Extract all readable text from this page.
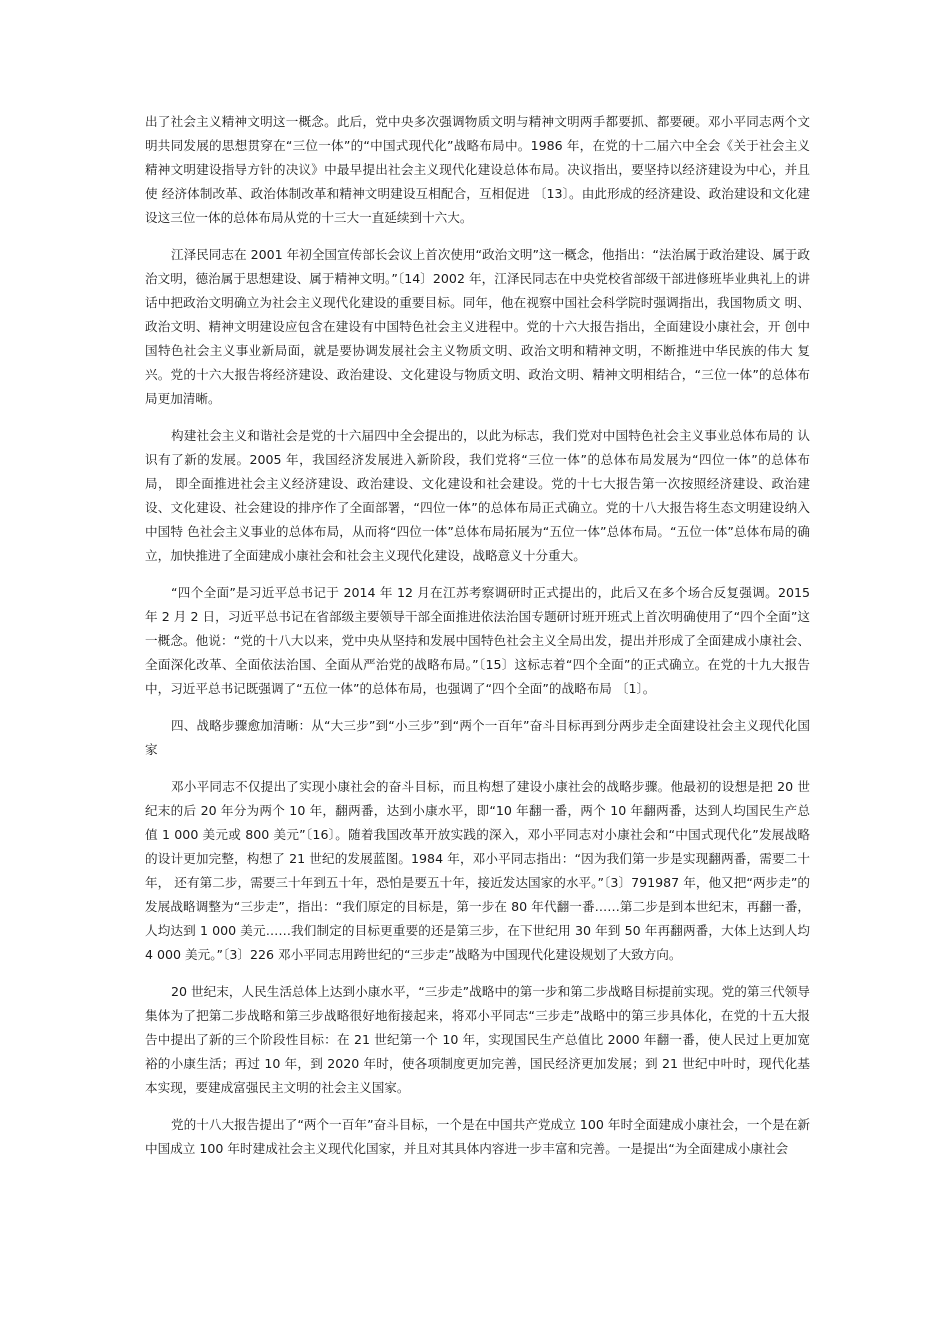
出了社会主义精神文明这一概念。此后，党中央多次强调物质文明与精神文明两手都要抓、都要硬。邓小平同志两个文 明共同发展的思想贯穿在“三位一体”的“中国式现代化”战略布局中。1986 年，在党的十二届六中全会《关于社会主义精神文明建设指导方针的决议》中最早提出社会主义现代化建设总体布局。决议指出，要坚持以经济建设为中心，并且使 经济体制改革、政治体制改革和精神文明建设互相配合，互相促进 〔13〕。由此形成的经济建设、政治建设和文化建设这三位一体的总体布局从党的十三大一直延续到十六大。

江泽民同志在 2001 年初全国宣传部长会议上首次使用“政治文明”这一概念，他指出：“法治属于政治建设、属于政治文明，德治属于思想建设、属于精神文明。”〔14〕2002 年，江泽民同志在中央党校省部级干部进修班毕业典礼上的讲话中把政治文明确立为社会主义现代化建设的重要目标。同年，他在视察中国社会科学院时强调指出，我国物质文 明、政治文明、精神文明建设应包含在建设有中国特色社会主义进程中。党的十六大报告指出，全面建设小康社会，开 创中国特色社会主义事业新局面，就是要协调发展社会主义物质文明、政治文明和精神文明，不断推进中华民族的伟大 复兴。党的十六大报告将经济建设、政治建设、文化建设与物质文明、政治文明、精神文明相结合，“三位一体”的总体布局更加清晰。

构建社会主义和谐社会是党的十六届四中全会提出的，以此为标志，我们党对中国特色社会主义事业总体布局的 认识有了新的发展。2005 年，我国经济发展进入新阶段，我们党将“三位一体”的总体布局发展为“四位一体”的总体布局， 即全面推进社会主义经济建设、政治建设、文化建设和社会建设。党的十七大报告第一次按照经济建设、政治建设、文化建设、社会建设的排序作了全面部署，“四位一体”的总体布局正式确立。党的十八大报告将生态文明建设纳入中国特 色社会主义事业的总体布局，从而将“四位一体”总体布局拓展为“五位一体”总体布局。“五位一体”总体布局的确立，加快推进了全面建成小康社会和社会主义现代化建设，战略意义十分重大。

“四个全面”是习近平总书记于 2014 年 12 月在江苏考察调研时正式提出的，此后又在多个场合反复强调。2015 年 2 月 2 日，习近平总书记在省部级主要领导干部全面推进依法治国专题研讨班开班式上首次明确使用了“四个全面”这一概念。他说：“党的十八大以来，党中央从坚持和发展中国特色社会主义全局出发，提出并形成了全面建成小康社会、全面深化改革、全面依法治国、全面从严治党的战略布局。”〔15〕这标志着“四个全面”的正式确立。在党的十九大报告中，习近平总书记既强调了“五位一体”的总体布局，也强调了“四个全面”的战略布局 〔1〕。

四、战略步骤愈加清晰：从“大三步”到“小三步”到“两个一百年”奋斗目标再到分两步走全面建设社会主义现代化国家

邓小平同志不仅提出了实现小康社会的奋斗目标，而且构想了建设小康社会的战略步骤。他最初的设想是把 20 世纪末的后 20 年分为两个 10 年，翻两番，达到小康水平，即“10 年翻一番，两个 10 年翻两番，达到人均国民生产总值 1 000 美元或 800 美元”〔16〕。随着我国改革开放实践的深入，邓小平同志对小康社会和“中国式现代化”发展战略的设计更加完整，构想了 21 世纪的发展蓝图。1984 年，邓小平同志指出：“因为我们第一步是实现翻两番，需要二十年， 还有第二步，需要三十年到五十年，恐怕是要五十年，接近发达国家的水平。”〔3〕791987 年，他又把“两步走”的发展战略调整为“三步走”，指出：“我们原定的目标是，第一步在 80 年代翻一番……第二步是到本世纪末，再翻一番，人均达到 1 000 美元……我们制定的目标更重要的还是第三步，在下世纪用 30 年到 50 年再翻两番，大体上达到人均 4 000 美元。”〔3〕226 邓小平同志用跨世纪的“三步走”战略为中国现代化建设规划了大致方向。

20 世纪末，人民生活总体上达到小康水平，“三步走”战略中的第一步和第二步战略目标提前实现。党的第三代领导集体为了把第二步战略和第三步战略很好地衔接起来，将邓小平同志“三步走”战略中的第三步具体化，在党的十五大报告中提出了新的三个阶段性目标：在 21 世纪第一个 10 年，实现国民生产总值比 2000 年翻一番，使人民过上更加宽裕的小康生活；再过 10 年，到 2020 年时，使各项制度更加完善，国民经济更加发展；到 21 世纪中叶时，现代化基本实现，要建成富强民主文明的社会主义国家。

党的十八大报告提出了“两个一百年”奋斗目标，一个是在中国共产党成立 100 年时全面建成小康社会，一个是在新中国成立 100 年时建成社会主义现代化国家，并且对其具体内容进一步丰富和完善。一是提出“为全面建成小康社会
